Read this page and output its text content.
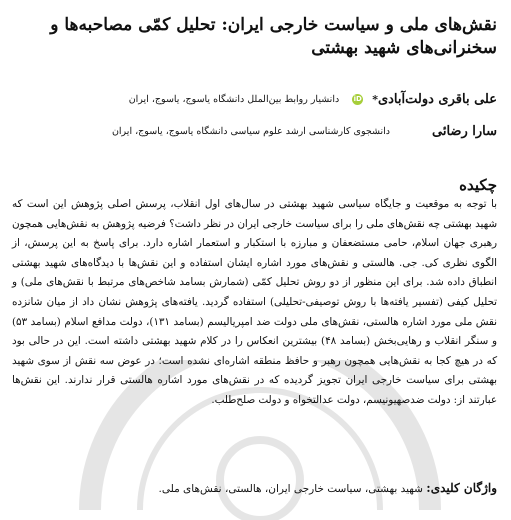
نقش‌های ملی و سیاست خارجی ایران: تحلیل کمّی مصاحبه‌ها و سخنرانی‌های شهید بهشتی
علی باقری دولت‌آبادی
*
iD
دانشیار روابط بین‌الملل دانشگاه یاسوج، یاسوج، ایران
سارا رضائی
دانشجوی کارشناسی ارشد علوم سیاسی دانشگاه یاسوج، یاسوج، ایران
چکیده

با توجه به موقعیت و جایگاه سیاسی شهید بهشتی در سال‌های اول انقلاب، پرسش اصلی پژوهش این است که شهید بهشتی چه نقش‌های ملی را برای سیاست خارجی ایران در نظر داشت؟ فرضیه پژوهش به نقش‌هایی همچون رهبری جهان اسلام، حامی مستضعفان و مبارزه با استکبار و استعمار اشاره دارد. برای پاسخ به این پرسش، از الگوی نظری کی. جی. هالستی و نقش‌های مورد اشاره ایشان استفاده و این نقش‌ها با دیدگاه‌های شهید بهشتی انطباق داده شد. برای این منظور از دو روش تحلیل کمّی (شمارش بسامد شاخص‌های مرتبط با نقش‌های ملی) و تحلیل کیفی (تفسیر یافته‌ها با روش توصیفی-تحلیلی) استفاده گردید. یافته‌های پژوهش نشان داد از میان شانزده نقش ملی مورد اشاره هالستی، نقش‌های ملی دولت ضد امپریالیسم (بسامد ۱۳۱)، دولت مدافع اسلام (بسامد ۵۳) و سنگر انقلاب و رهایی‌بخش (بسامد ۴۸) بیشترین انعکاس را در کلام شهید بهشتی داشته است. این در حالی بود که در هیچ کجا به نقش‌هایی همچون رهبر و حافظ منطقه اشاره‌ای نشده است؛ در عوض سه نقش از سوی شهید بهشتی برای سیاست خارجی ایران تجویز گردیده که در نقش‌های مورد اشاره هالستی قرار ندارند. این نقش‌ها عبارتند از: دولت ضدصهیونیسم، دولت عدالتخواه و دولت صلح‌طلب.

واژگان کلیدی: شهید بهشتی، سیاست خارجی ایران، هالستی، نقش‌های ملی.
